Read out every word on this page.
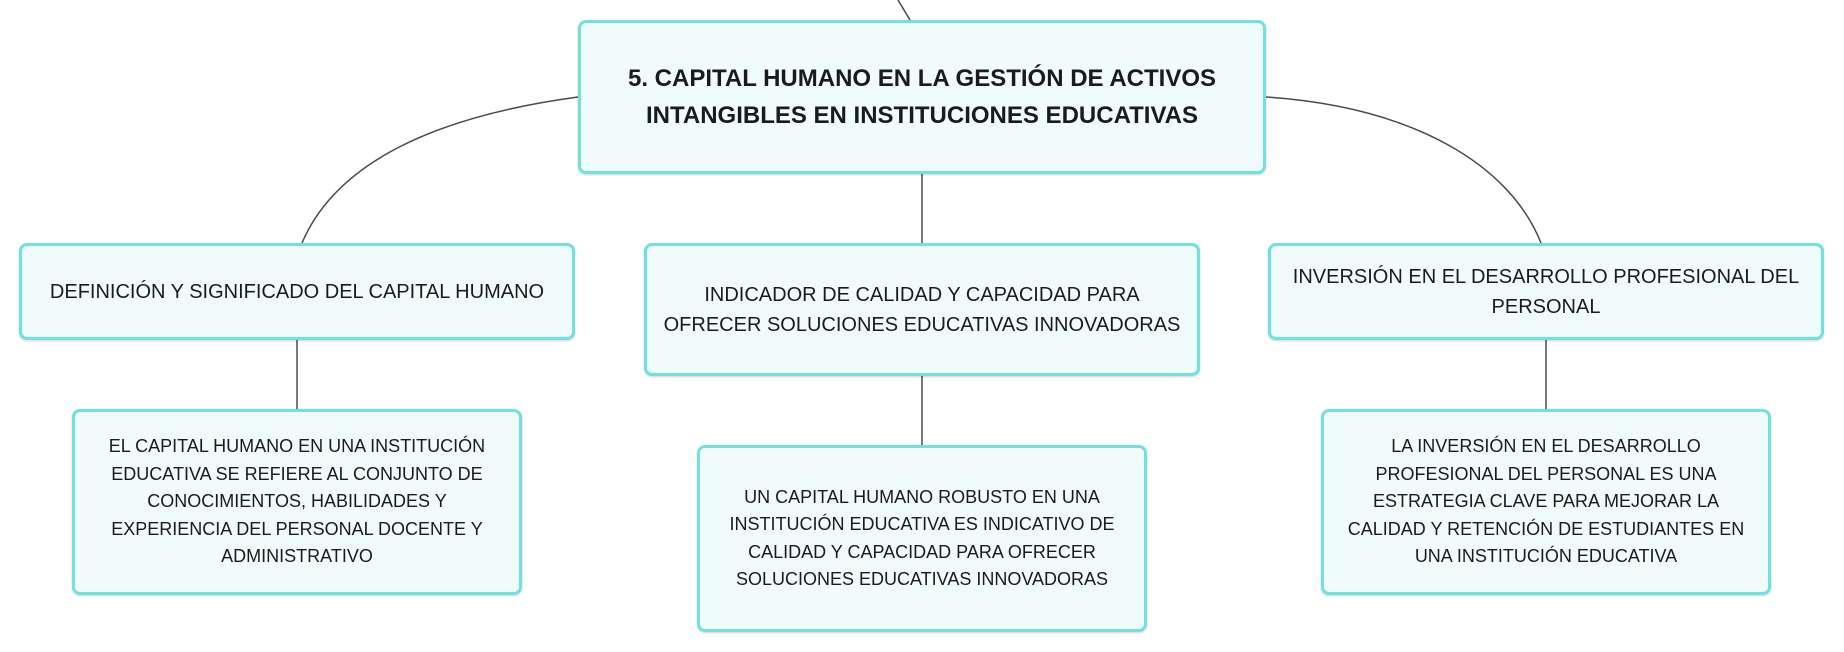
5. CAPITAL HUMANO EN LA GESTIÓN DE ACTIVOS INTANGIBLES EN INSTITUCIONES EDUCATIVAS
DEFINICIÓN Y SIGNIFICADO DEL CAPITAL HUMANO	INDICADOR DE CALIDAD Y CAPACIDAD PARA OFRECER SOLUCIONES EDUCATIVAS INNOVADORAS
INVERSIÓN EN EL DESARROLLO PROFESIONAL DEL PERSONAL
EL CAPITAL HUMANO EN UNA INSTITUCIÓN EDUCATIVA SE REFIERE AL CONJUNTO DE CONOCIMIENTOS, HABILIDADES Y EXPERIENCIA DEL PERSONAL DOCENTE Y ADMINISTRATIVO
UN CAPITAL HUMANO ROBUSTO EN UNA INSTITUCIÓN EDUCATIVA ES INDICATIVO DE CALIDAD Y CAPACIDAD PARA OFRECER SOLUCIONES EDUCATIVAS INNOVADORAS
LA INVERSIÓN EN EL DESARROLLO PROFESIONAL DEL PERSONAL ES UNA ESTRATEGIA CLAVE PARA MEJORAR LA CALIDAD Y RETENCIÓN DE ESTUDIANTES EN UNA INSTITUCIÓN EDUCATIVA
